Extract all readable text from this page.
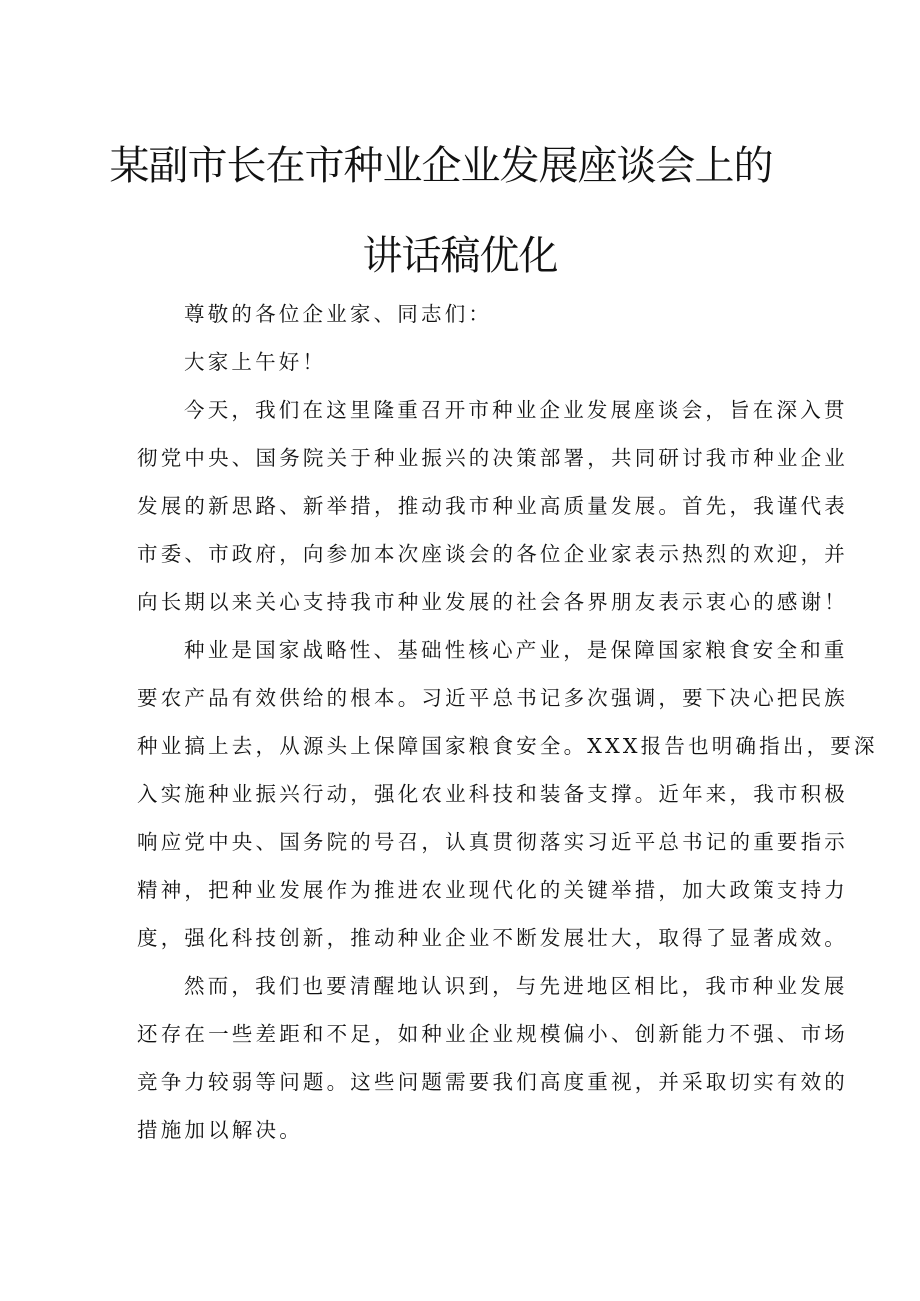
某副市长在市种业企业发展座谈会上的
讲话稿优化
尊敬的各位企业家、同志们：
大家上午好！
今天，我们在这里隆重召开市种业企业发展座谈会，旨在深入贯
彻党中央、国务院关于种业振兴的决策部署，共同研讨我市种业企业
发展的新思路、新举措，推动我市种业高质量发展。首先，我谨代表
市委、市政府，向参加本次座谈会的各位企业家表示热烈的欢迎，并
向长期以来关心支持我市种业发展的社会各界朋友表示衷心的感谢！
种业是国家战略性、基础性核心产业，是保障国家粮食安全和重
要农产品有效供给的根本。习近平总书记多次强调，要下决心把民族
种业搞上去，从源头上保障国家粮食安全。XXX报告也明确指出，要深
入实施种业振兴行动，强化农业科技和装备支撑。近年来，我市积极
响应党中央、国务院的号召，认真贯彻落实习近平总书记的重要指示
精神，把种业发展作为推进农业现代化的关键举措，加大政策支持力
度，强化科技创新，推动种业企业不断发展壮大，取得了显著成效。
然而，我们也要清醒地认识到，与先进地区相比，我市种业发展
还存在一些差距和不足，如种业企业规模偏小、创新能力不强、市场
竞争力较弱等问题。这些问题需要我们高度重视，并采取切实有效的
措施加以解决。
